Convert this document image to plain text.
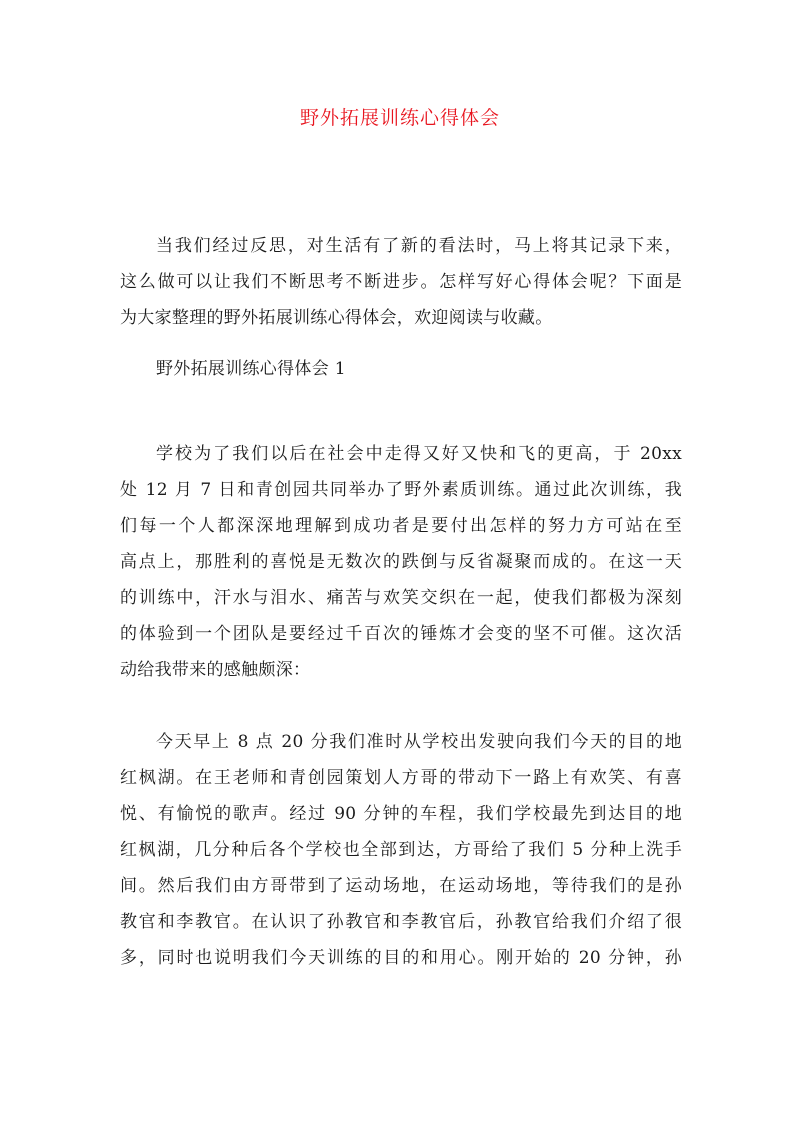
野外拓展训练心得体会
当我们经过反思，对生活有了新的看法时，马上将其记录下来，
这么做可以让我们不断思考不断进步。怎样写好心得体会呢？下面是
为大家整理的野外拓展训练心得体会，欢迎阅读与收藏。
野外拓展训练心得体会 1
学校为了我们以后在社会中走得又好又快和飞的更高，于 20xx
处 12 月 7 日和青创园共同举办了野外素质训练。通过此次训练，我
们每一个人都深深地理解到成功者是要付出怎样的努力方可站在至
高点上，那胜利的喜悦是无数次的跌倒与反省凝聚而成的。在这一天
的训练中，汗水与泪水、痛苦与欢笑交织在一起，使我们都极为深刻
的体验到一个团队是要经过千百次的锤炼才会变的坚不可催。这次活
动给我带来的感触颇深：
今天早上 8 点 20 分我们准时从学校出发驶向我们今天的目的地
红枫湖。在王老师和青创园策划人方哥的带动下一路上有欢笑、有喜
悦、有愉悦的歌声。经过 90 分钟的车程，我们学校最先到达目的地
红枫湖，几分种后各个学校也全部到达，方哥给了我们 5 分种上洗手
间。然后我们由方哥带到了运动场地，在运动场地，等待我们的是孙
教官和李教官。在认识了孙教官和李教官后，孙教官给我们介绍了很
多，同时也说明我们今天训练的目的和用心。刚开始的 20 分钟，孙
